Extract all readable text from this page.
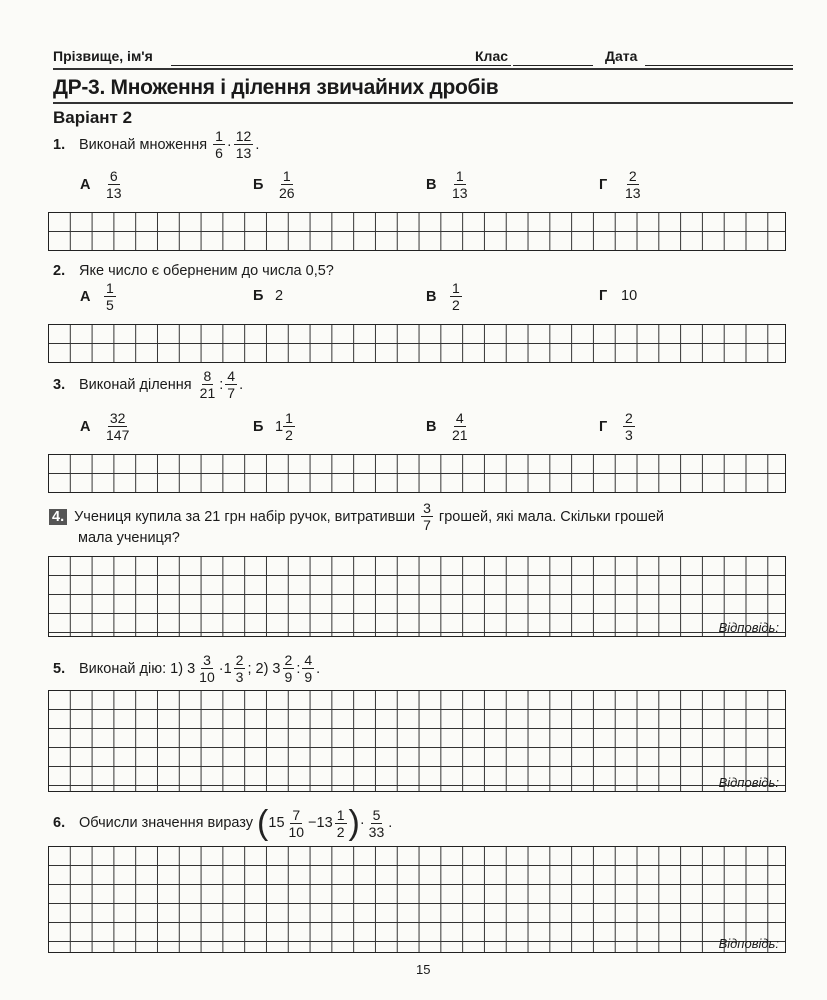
Прізвище, ім'я	Клас	Дата
ДР-3. Множення і ділення звичайних дробів
Варіант 2
1. Виконай множення

1
6
·
12
13
.
А
6
13
Б
1
26
В
1
13
Г
2
13
2. Яке число є оберненим до числа 0,5?
А
1
5
Б 2	В
1
2
Г 10
3. Виконай ділення

8
21
:
4
7
.
А
32
147
Б 1
1
2
В
4
21
Г
2
3
4. Учениця купила за 21 грн набір ручок, витративши

3
7

грошей, які мала. Скільки грошей
мала учениця?
Відповідь:
5. Виконай дію:
1) 3
3
10
·1
2
3
;
2) 3
2
9
:
4
9
.
Відповідь:
6. Обчисли значення виразу
( 15
7
10
−13
1
2 ) ·
5
33
.
Відповідь:
15
